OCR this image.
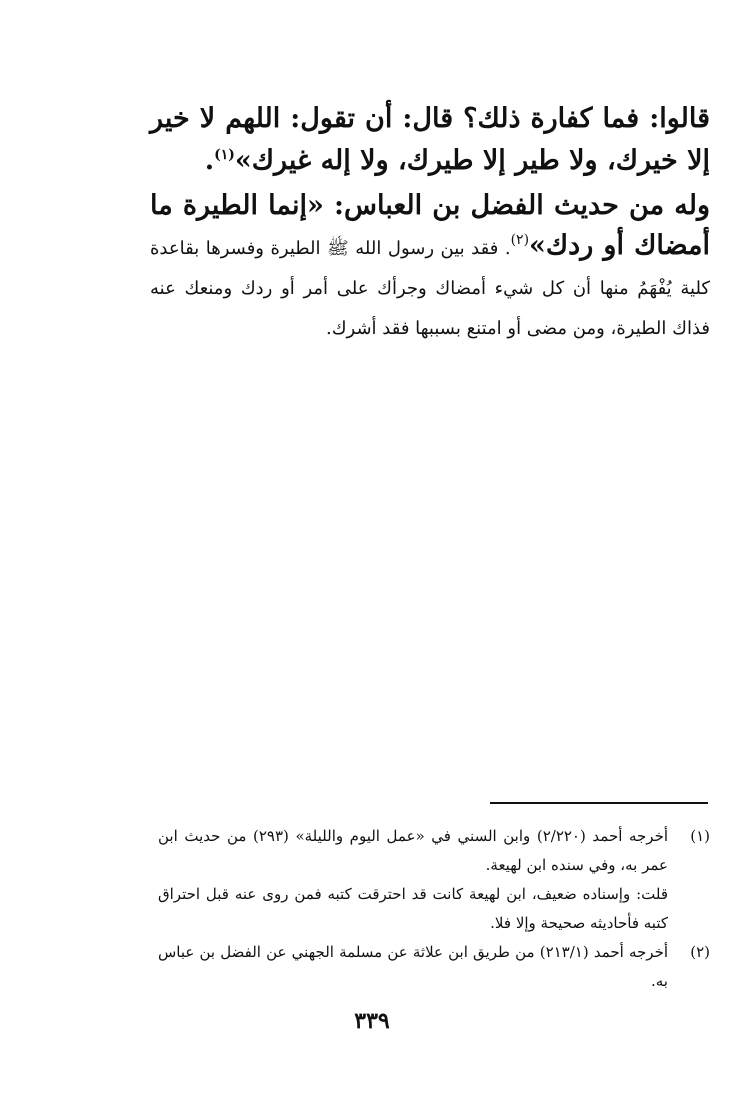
قالوا: فما كفارة ذلك؟ قال: أن تقول: اللهم لا خير إلا خيرك، ولا طير إلا طيرك، ولا إله غيرك»$^{(١)}$.

وله من حديث الفضل بن العباس: «إنما الطيرة ما أمضاك أو ردك»$^{(٢)}$. فقد بين رسول الله ﷺ الطيرة وفسرها بقاعدة كلية يُفْهَمُ منها أن كل شيء أمضاك وجرأك على أمر أو ردك ومنعك عنه فذاك الطيرة، ومن مضى أو امتنع بسببها فقد أشرك.

(١)

أخرجه أحمد (٢/٢٢٠) وابن السني في «عمل اليوم والليلة» (٢٩٣) من حديث ابن عمر به، وفي سنده ابن لهيعة.

قلت: وإسناده ضعيف، ابن لهيعة كانت قد احترقت كتبه فمن روى عنه قبل احتراق كتبه فأحاديثه صحيحة وإلا فلا.

(٢)

أخرجه أحمد (٢١٣/١) من طريق ابن علاثة عن مسلمة الجهني عن الفضل بن عباس به.

٣٣٩
